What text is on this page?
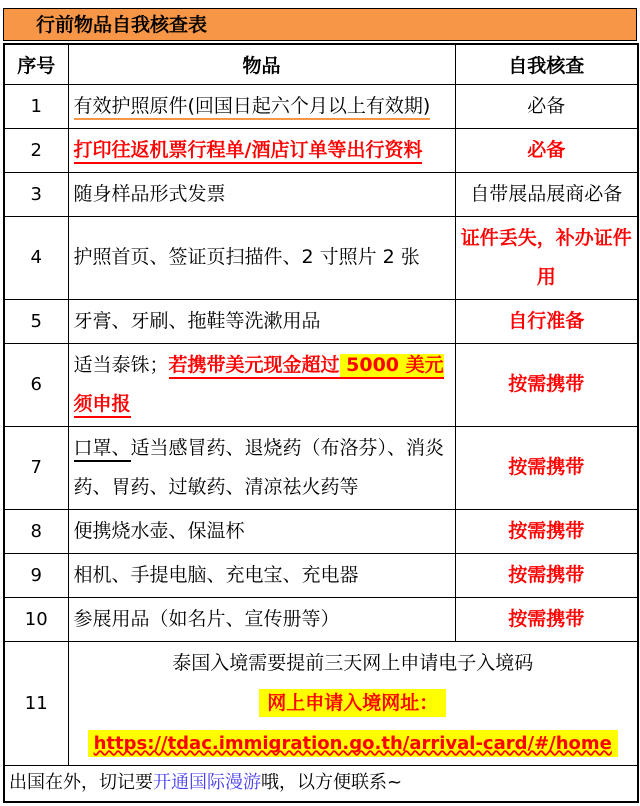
行前物品自我核查表
序号	物品	自我核查
1	有效护照原件(回国日起六个月以上有效期)	必备
2	打印往返机票行程单/酒店订单等出行资料	必备
3	随身样品形式发票	自带展品展商必备
4	护照首页、签证页扫描件、2 寸照片 2 张	证件丢失，补办证件用
5	牙膏、牙刷、拖鞋等洗漱用品	自行准备
6	适当泰铢；若携带美元现金超过 5000 美元须申报	按需携带
7	口罩、适当感冒药、退烧药（布洛芬）、消炎药、胃药、过敏药、清凉祛火药等	按需携带
8	便携烧水壶、保温杯	按需携带
9	相机、手提电脑、充电宝、充电器	按需携带
10	参展用品（如名片、宣传册等）	按需携带
11	泰国入境需要提前三天网上申请电子入境码
网上申请入境网址：
https://tdac.immigration.go.th/arrival-card/#/home	

出国在外，切记要开通国际漫游哦，以方便联系~		
